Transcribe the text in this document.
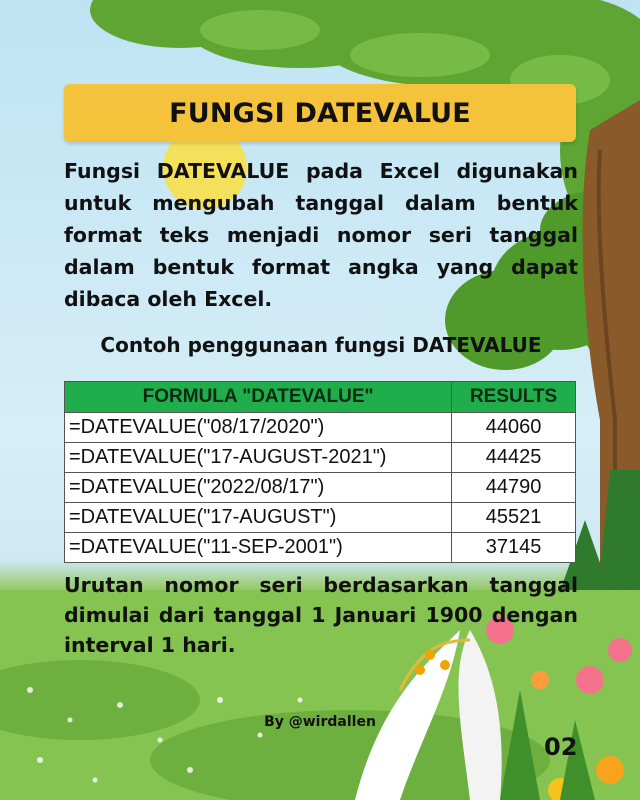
FUNGSI DATEVALUE
Fungsi DATEVALUE pada Excel digunakan untuk mengubah tanggal dalam bentuk format teks menjadi nomor seri tanggal dalam bentuk format angka yang dapat dibaca oleh Excel.
Contoh penggunaan fungsi DATEVALUE
FORMULA "DATEVALUE"	RESULTS
=DATEVALUE("08/17/2020")	44060
=DATEVALUE("17-AUGUST-2021")	44425
=DATEVALUE("2022/08/17")	44790
=DATEVALUE("17-AUGUST")	45521
=DATEVALUE("11-SEP-2001")	37145
Urutan nomor seri berdasarkan tanggal dimulai dari tanggal 1 Januari 1900 dengan interval 1 hari.
By @wirdallen
02
